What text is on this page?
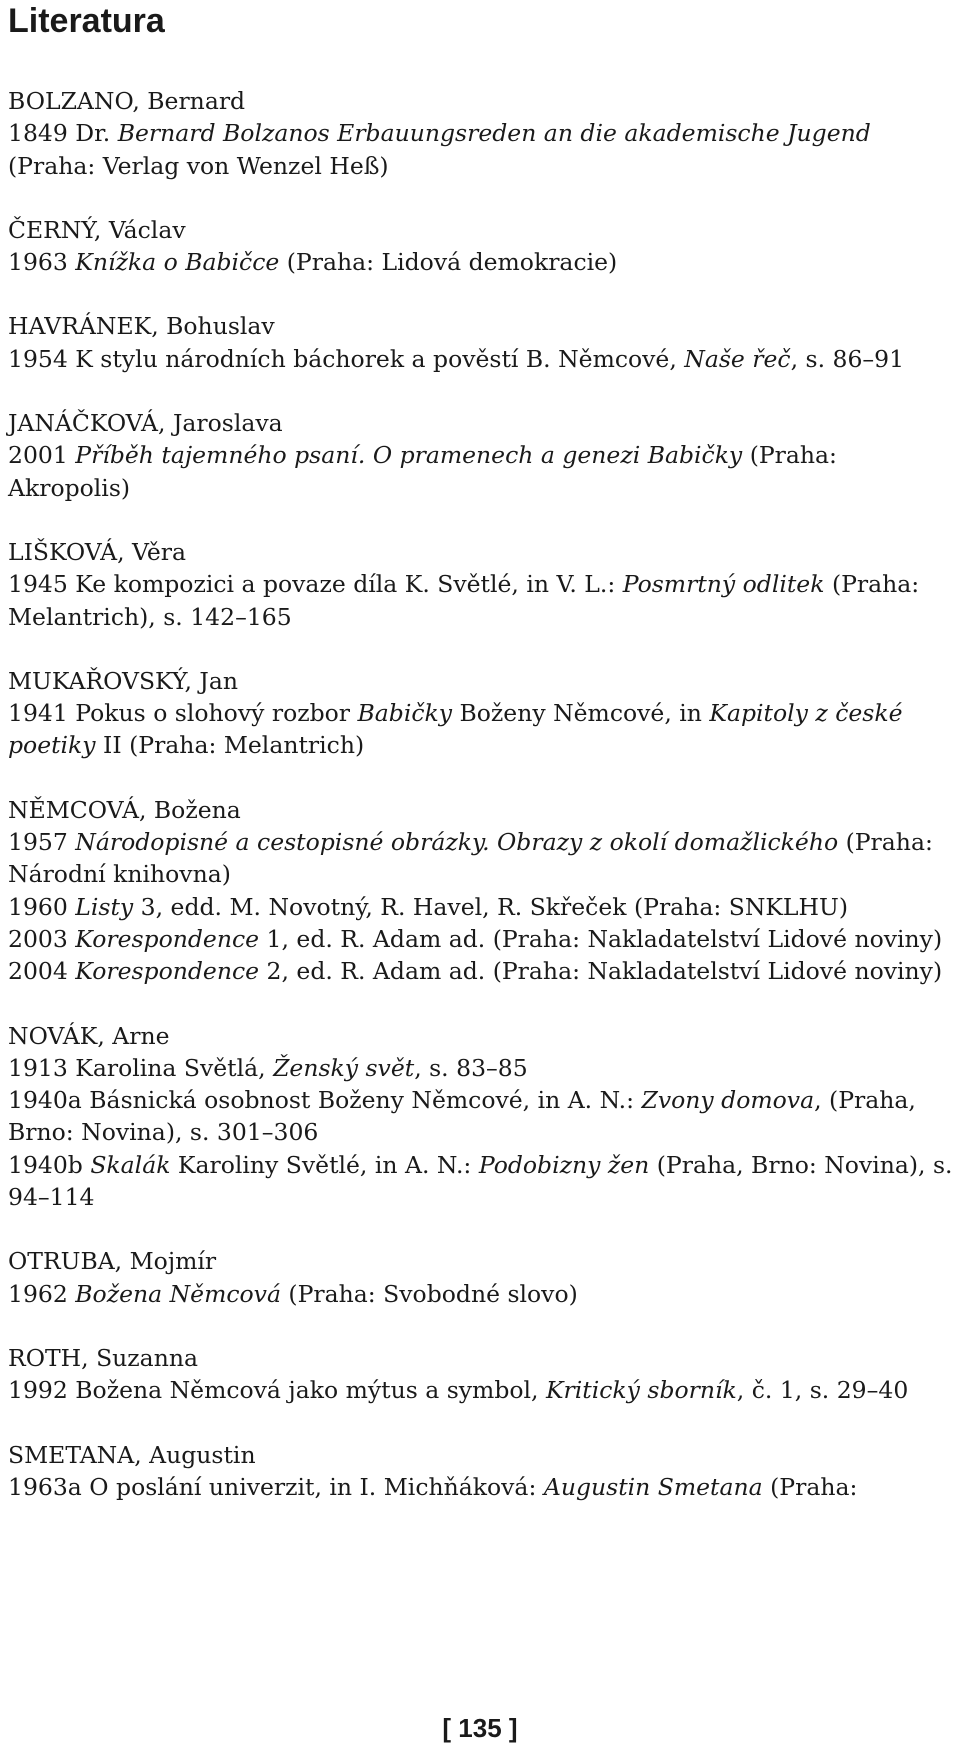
Literatura
BOLZANO, Bernard
1849 Dr. Bernard Bolzanos Erbauungsreden an die akademische Jugend (Praha: Verlag von Wenzel Heß)
ČERNÝ, Václav
1963 Knížka o Babičce (Praha: Lidová demokracie)
HAVRÁNEK, Bohuslav
1954 K stylu národních báchorek a pověstí B. Němcové, Naše řeč, s. 86–91
JANÁČKOVÁ, Jaroslava
2001 Příběh tajemného psaní. O pramenech a genezi Babičky (Praha: Akropolis)
LIŠKOVÁ, Věra
1945 Ke kompozici a povaze díla K. Světlé, in V. L.: Posmrtný odlitek (Praha: Melantrich), s. 142–165
MUKAŘOVSKÝ, Jan
1941 Pokus o slohový rozbor Babičky Boženy Němcové, in Kapitoly z české poetiky II (Praha: Melantrich)
NĚMCOVÁ, Božena
1957 Národopisné a cestopisné obrázky. Obrazy z okolí domažlického (Praha: Národní knihovna)
1960 Listy 3, edd. M. Novotný, R. Havel, R. Skřeček (Praha: SNKLHU)
2003 Korespondence 1, ed. R. Adam ad. (Praha: Nakladatelství Lidové noviny)
2004 Korespondence 2, ed. R. Adam ad. (Praha: Nakladatelství Lidové noviny)
NOVÁK, Arne
1913 Karolina Světlá, Ženský svět, s. 83–85
1940a Básnická osobnost Boženy Němcové, in A. N.: Zvony domova, (Praha, Brno: Novina), s. 301–306
1940b Skalák Karoliny Světlé, in A. N.: Podobizny žen (Praha, Brno: Novina), s. 94–114
OTRUBA, Mojmír
1962 Božena Němcová (Praha: Svobodné slovo)
ROTH, Suzanna
1992 Božena Němcová jako mýtus a symbol, Kritický sborník, č. 1, s. 29–40
SMETANA, Augustin
1963a O poslání univerzit, in I. Michňáková: Augustin Smetana (Praha:
[ 135 ]
